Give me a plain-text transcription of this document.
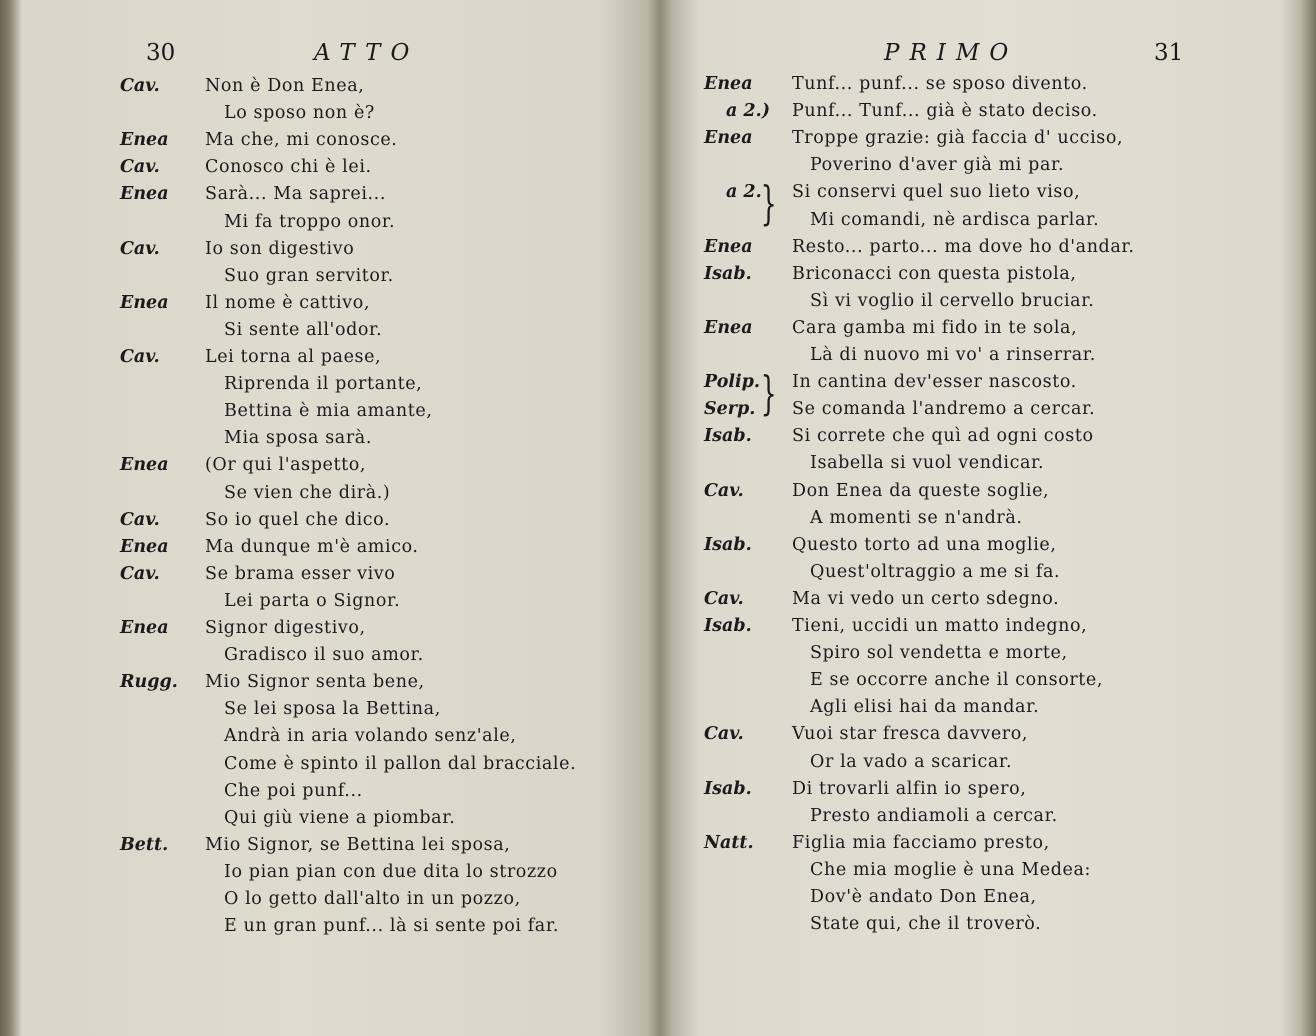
30	ATTO
Cav.	Non è Don Enea,
Lo sposo non è?
Enea Ma che, mi conosce.
Cav.	Conosco chi è lei.
Enea Sarà... Ma saprei...
Mi fa troppo onor.
Cav.	Io son digestivo
Suo gran servitor.
Enea Il nome è cattivo,
Si sente all'odor.
Cav.	Lei torna al paese,
Riprenda il portante,
Bettina è mia amante,
Mia sposa sarà.
Enea (Or qui l'aspetto,
Se vien che dirà.)
Cav.	So io quel che dico.
Enea Ma dunque m'è amico.
Cav.	Se brama esser vivo
Lei parta o Signor.
Enea Signor digestivo,
Gradisco il suo amor.
Rugg. Mio Signor senta bene,
Se lei sposa la Bettina,
Andrà in aria volando senz'ale,
Come è spinto il pallon dal bracciale.
Che poi punf...
Qui giù viene a piombar.
Bett. Mio Signor, se Bettina lei sposa,
Io pian pian con due dita lo strozzo
O lo getto dall'alto in un pozzo,
E un gran punf... là si sente poi far.
PRIMO	31
Enea Tunf... punf... se sposo divento.
a 2.) Punf... Tunf... già è stato deciso.
Enea Troppe grazie: già faccia d' ucciso,
Poverino d'aver già mi par.
a 2. Si conservi quel suo lieto viso,
Mi comandi, nè ardisca parlar.
Enea Resto... parto... ma dove ho d'andar.
Isab. Briconacci con questa pistola,
Sì vi voglio il cervello bruciar.
Enea Cara gamba mi fido in te sola,
Là di nuovo mi vo' a rinserrar.
Polip. In cantina dev'esser nascosto.
Serp. Se comanda l'andremo a cercar.
Isab. Si correte che quì ad ogni costo
Isabella si vuol vendicar.
Cav.	Don Enea da queste soglie,
A momenti se n'andrà.
Isab. Questo torto ad una moglie,
Quest'oltraggio a me si fa.
Cav.	Ma vi vedo un certo sdegno.
Isab. Tieni, uccidi un matto indegno,
Spiro sol vendetta e morte,
E se occorre anche il consorte,
Agli elisi hai da mandar.
Cav.	Vuoi star fresca davvero,
Or la vado a scaricar.
Isab. Di trovarli alfin io spero,
Presto andiamoli a cercar.
Natt. Figlia mia facciamo presto,
Che mia moglie è una Medea:
Dov'è andato Don Enea,
State qui, che il troverò.
}
}
